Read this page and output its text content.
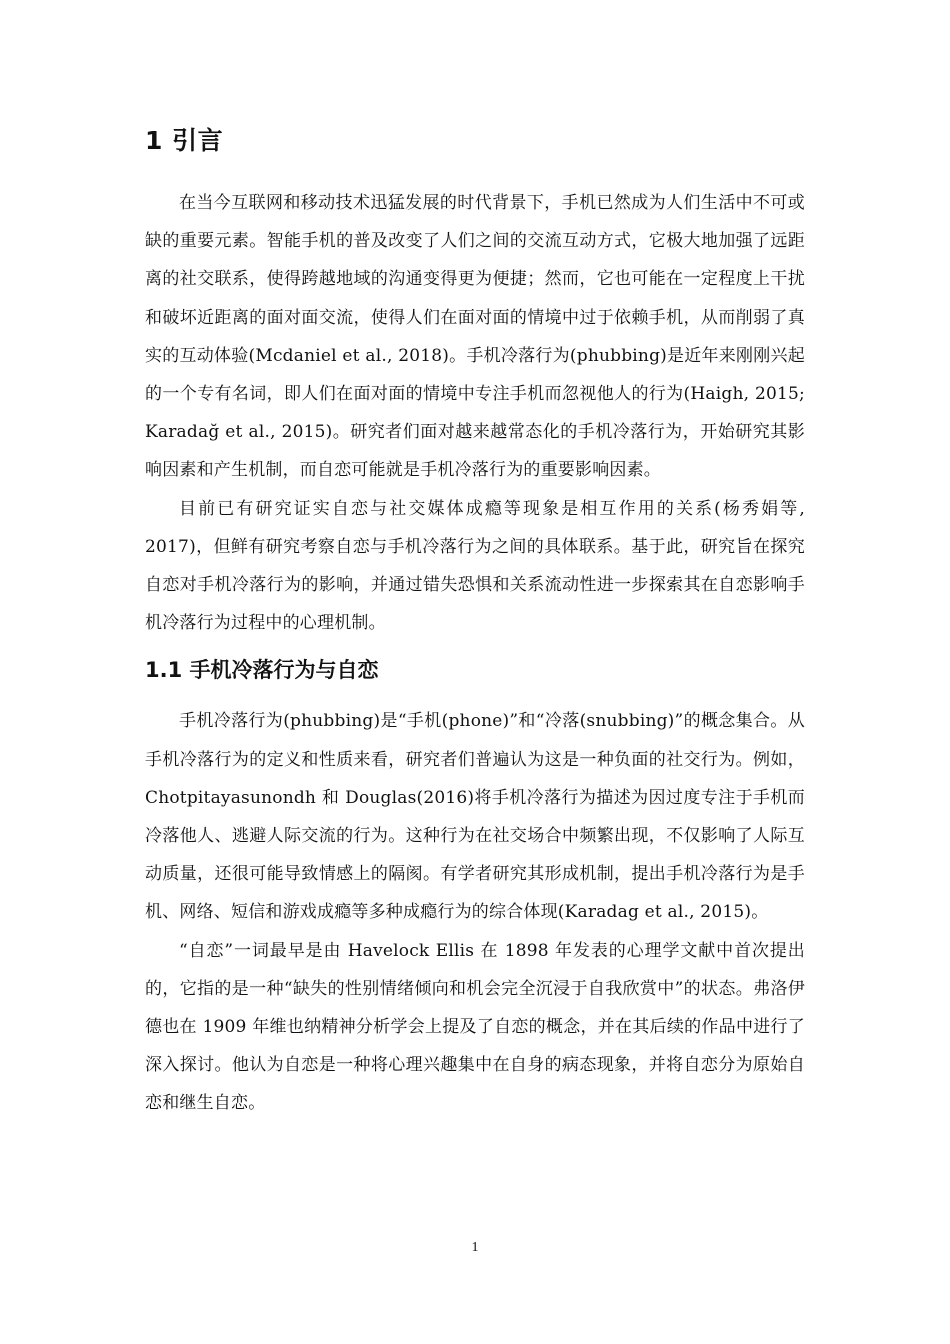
1 引言

在当今互联网和移动技术迅猛发展的时代背景下，手机已然成为人们生活中不可或缺的重要元素。智能手机的普及改变了人们之间的交流互动方式，它极大地加强了远距离的社交联系，使得跨越地域的沟通变得更为便捷；然而，它也可能在一定程度上干扰和破坏近距离的面对面交流，使得人们在面对面的情境中过于依赖手机，从而削弱了真实的互动体验(Mcdaniel et al., 2018)。手机冷落行为(phubbing)是近年来刚刚兴起的一个专有名词，即人们在面对面的情境中专注手机而忽视他人的行为(Haigh, 2015; Karadağ et al., 2015)。研究者们面对越来越常态化的手机冷落行为，开始研究其影响因素和产生机制，而自恋可能就是手机冷落行为的重要影响因素。

目前已有研究证实自恋与社交媒体成瘾等现象是相互作用的关系(杨秀娟等, 2017)，但鲜有研究考察自恋与手机冷落行为之间的具体联系。基于此，研究旨在探究自恋对手机冷落行为的影响，并通过错失恐惧和关系流动性进一步探索其在自恋影响手机冷落行为过程中的心理机制。

1.1 手机冷落行为与自恋

手机冷落行为(phubbing)是“手机(phone)”和“冷落(snubbing)”的概念集合。从手机冷落行为的定义和性质来看，研究者们普遍认为这是一种负面的社交行为。例如，Chotpitayasunondh 和 Douglas(2016)将手机冷落行为描述为因过度专注于手机而冷落他人、逃避人际交流的行为。这种行为在社交场合中频繁出现，不仅影响了人际互动质量，还很可能导致情感上的隔阂。有学者研究其形成机制，提出手机冷落行为是手机、网络、短信和游戏成瘾等多种成瘾行为的综合体现(Karadag et al., 2015)。

“自恋”一词最早是由 Havelock Ellis 在 1898 年发表的心理学文献中首次提出的，它指的是一种“缺失的性别情绪倾向和机会完全沉浸于自我欣赏中”的状态。弗洛伊德也在 1909 年维也纳精神分析学会上提及了自恋的概念，并在其后续的作品中进行了深入探讨。他认为自恋是一种将心理兴趣集中在自身的病态现象，并将自恋分为原始自恋和继生自恋。

1
